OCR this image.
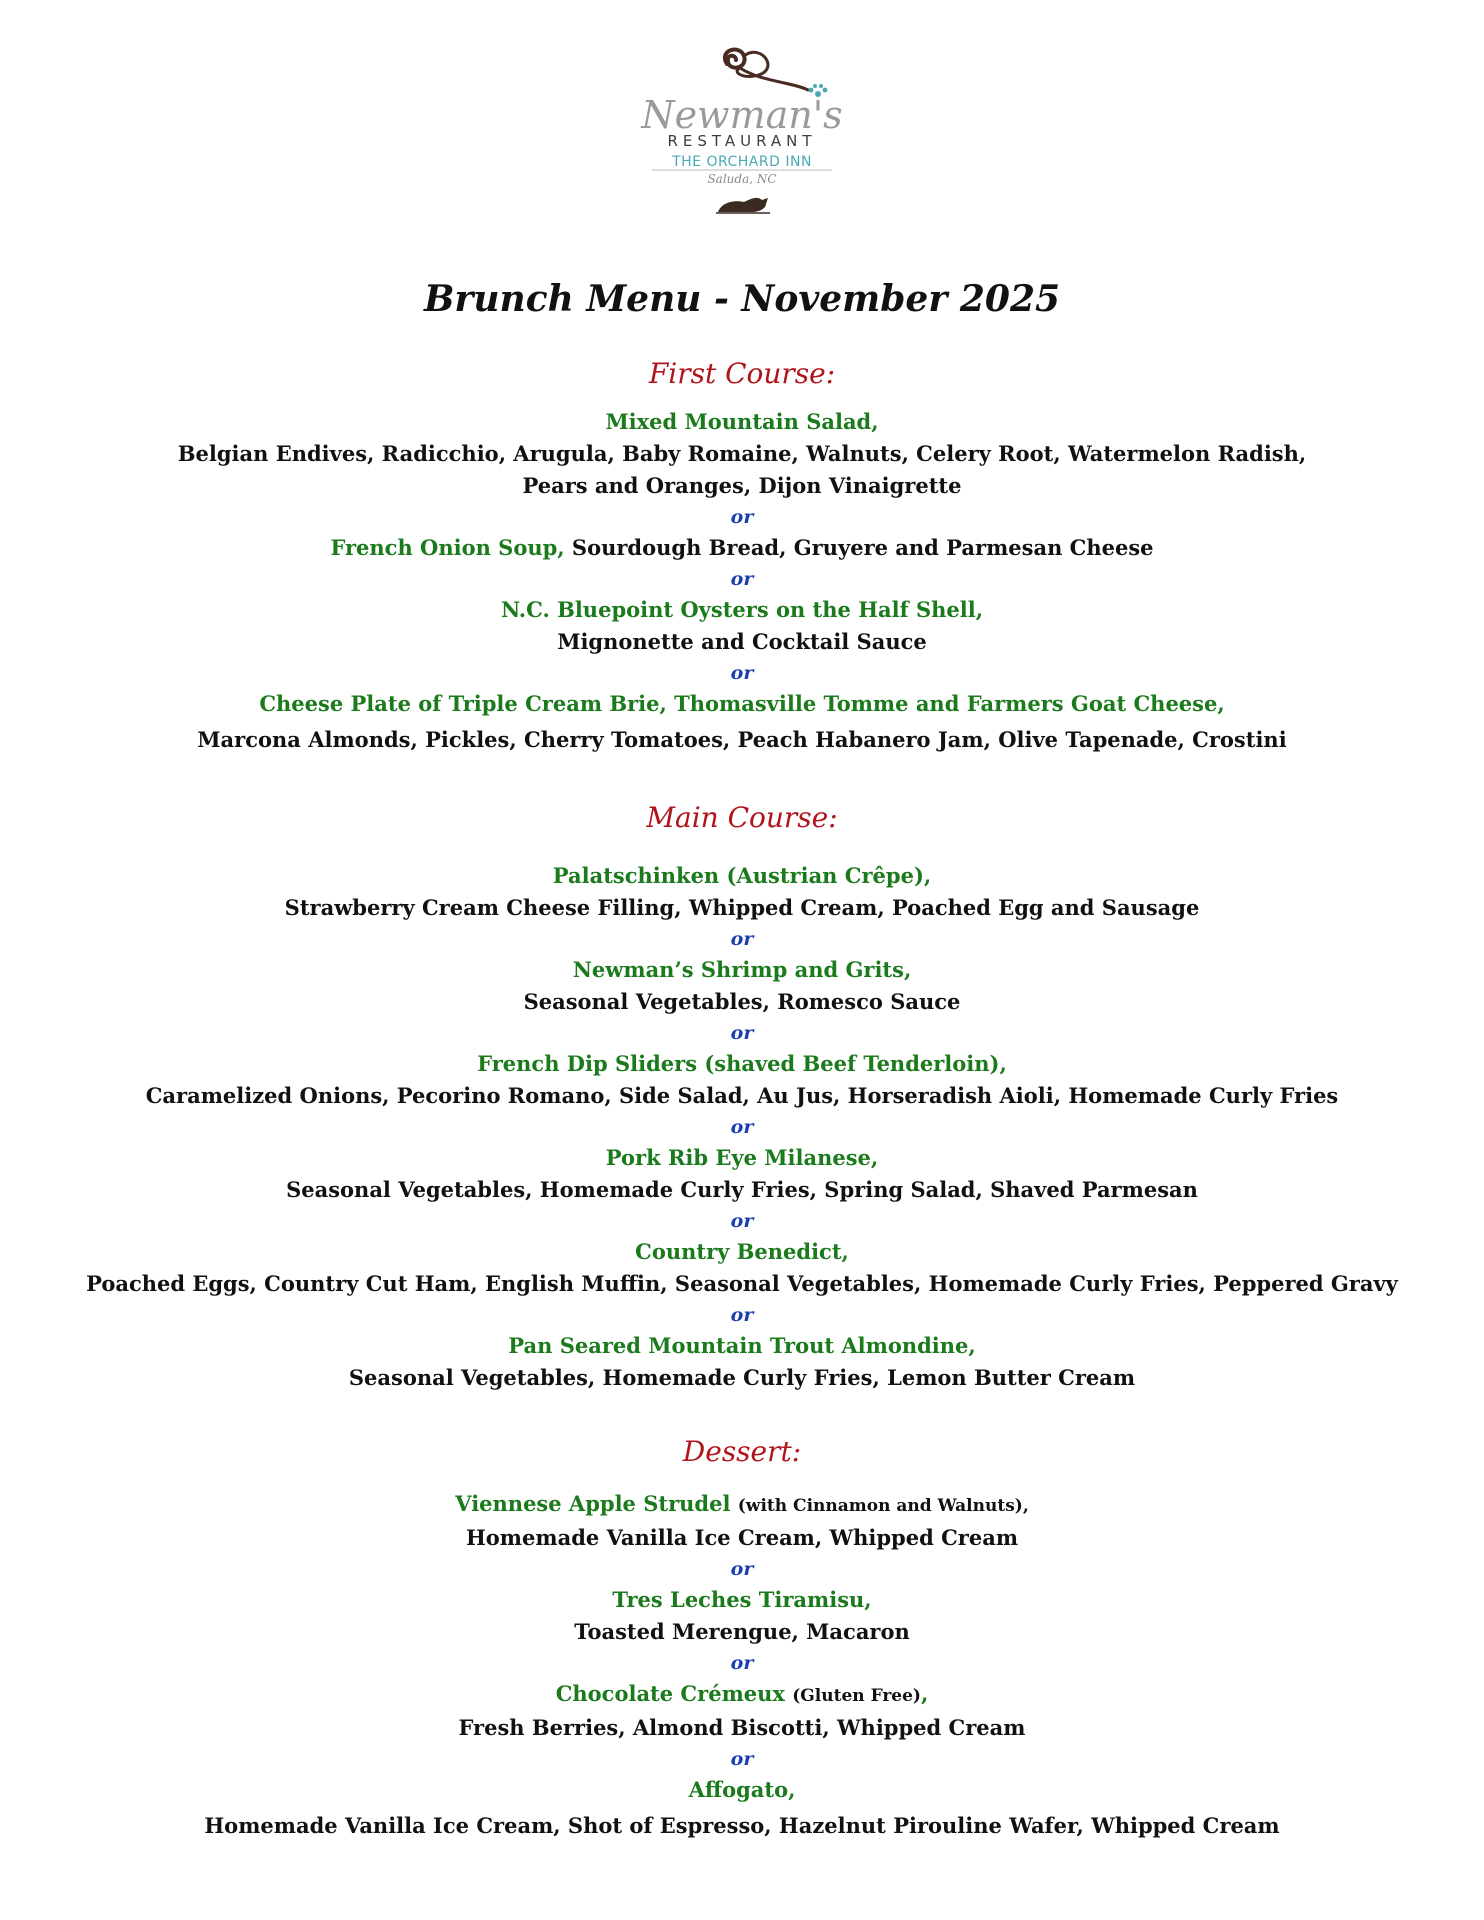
Newman's
RESTAURANT
THE ORCHARD INN
Saluda, NC
Brunch Menu - November 2025
First Course:
Mixed Mountain Salad,
Belgian Endives, Radicchio, Arugula, Baby Romaine, Walnuts, Celery Root, Watermelon Radish,
Pears and Oranges, Dijon Vinaigrette
or
French Onion Soup, Sourdough Bread, Gruyere and Parmesan Cheese
or
N.C. Bluepoint Oysters on the Half Shell,
Mignonette and Cocktail Sauce
or
Cheese Plate of Triple Cream Brie, Thomasville Tomme and Farmers Goat Cheese,
Marcona Almonds, Pickles, Cherry Tomatoes, Peach Habanero Jam, Olive Tapenade, Crostini
Main Course:
Palatschinken (Austrian Crêpe),
Strawberry Cream Cheese Filling, Whipped Cream, Poached Egg and Sausage
or
Newman’s Shrimp and Grits,
Seasonal Vegetables, Romesco Sauce
or
French Dip Sliders (shaved Beef Tenderloin),
Caramelized Onions, Pecorino Romano, Side Salad, Au Jus, Horseradish Aioli, Homemade Curly Fries
or
Pork Rib Eye Milanese,
Seasonal Vegetables, Homemade Curly Fries, Spring Salad, Shaved Parmesan
or
Country Benedict,
Poached Eggs, Country Cut Ham, English Muffin, Seasonal Vegetables, Homemade Curly Fries, Peppered Gravy
or
Pan Seared Mountain Trout Almondine,
Seasonal Vegetables, Homemade Curly Fries, Lemon Butter Cream
Dessert:
Viennese Apple Strudel (with Cinnamon and Walnuts),
Homemade Vanilla Ice Cream, Whipped Cream
or
Tres Leches Tiramisu,
Toasted Merengue, Macaron
or
Chocolate Crémeux (Gluten Free),
Fresh Berries, Almond Biscotti, Whipped Cream
or
Affogato,
Homemade Vanilla Ice Cream, Shot of Espresso, Hazelnut Pirouline Wafer, Whipped Cream
